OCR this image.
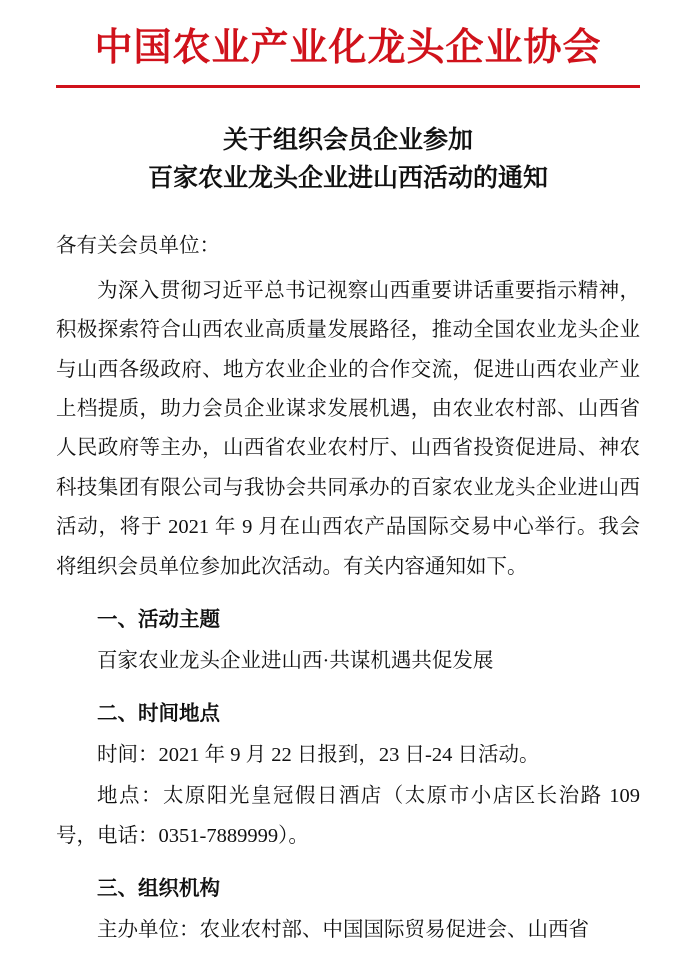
中国农业产业化龙头企业协会
关于组织会员企业参加
百家农业龙头企业进山西活动的通知
各有关会员单位：
为深入贯彻习近平总书记视察山西重要讲话重要指示精神，积极探索符合山西农业高质量发展路径，推动全国农业龙头企业与山西各级政府、地方农业企业的合作交流，促进山西农业产业上档提质，助力会员企业谋求发展机遇，由农业农村部、山西省人民政府等主办，山西省农业农村厅、山西省投资促进局、神农科技集团有限公司与我协会共同承办的百家农业龙头企业进山西活动，将于 2021 年 9 月在山西农产品国际交易中心举行。我会将组织会员单位参加此次活动。有关内容通知如下。
一、活动主题
百家农业龙头企业进山西·共谋机遇共促发展
二、时间地点
时间：2021 年 9 月 22 日报到，23 日-24 日活动。
地点：太原阳光皇冠假日酒店（太原市小店区长治路 109 号，电话：0351-7889999）。
三、组织机构
主办单位：农业农村部、中国国际贸易促进会、山西省
